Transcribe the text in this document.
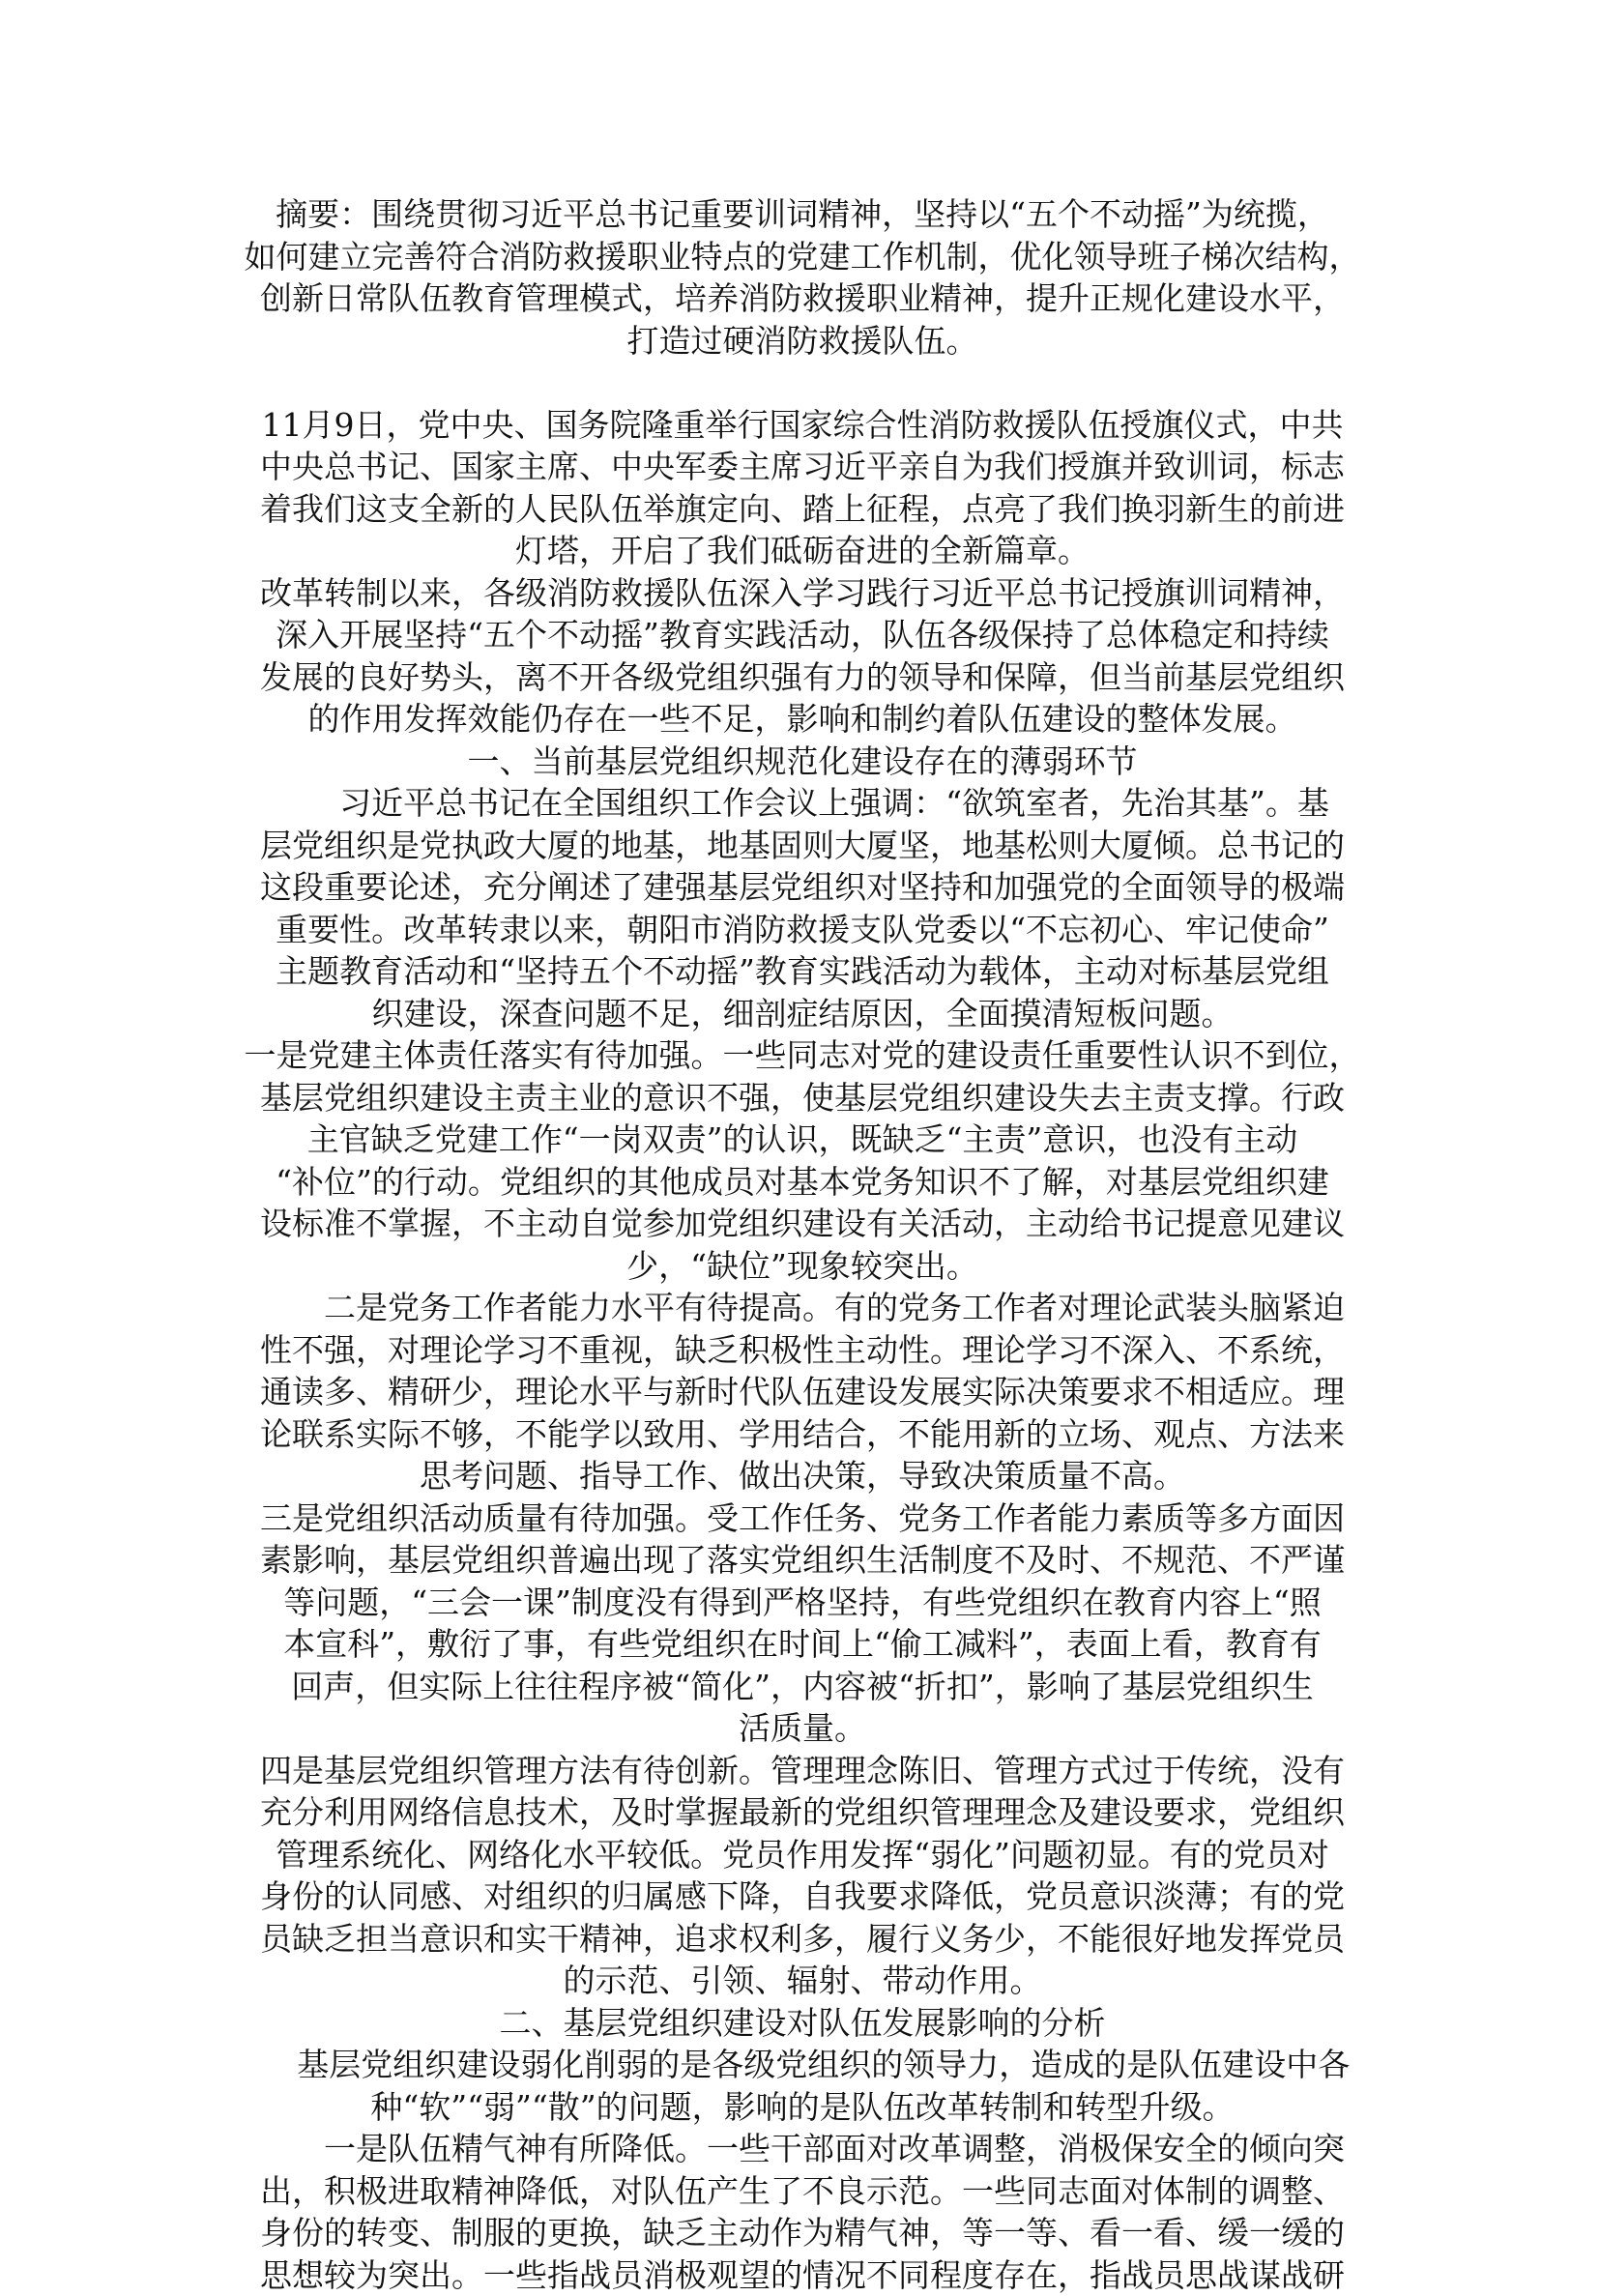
摘要：围绕贯彻习近平总书记重要训词精神，坚持以“五个不动摇”为统揽，
如何建立完善符合消防救援职业特点的党建工作机制，优化领导班子梯次结构，
创新日常队伍教育管理模式，培养消防救援职业精神，提升正规化建设水平，
打造过硬消防救援队伍。
11月9日，党中央、国务院隆重举行国家综合性消防救援队伍授旗仪式，中共
中央总书记、国家主席、中央军委主席习近平亲自为我们授旗并致训词，标志
着我们这支全新的人民队伍举旗定向、踏上征程，点亮了我们换羽新生的前进
灯塔，开启了我们砥砺奋进的全新篇章。
改革转制以来，各级消防救援队伍深入学习践行习近平总书记授旗训词精神，
深入开展坚持“五个不动摇”教育实践活动，队伍各级保持了总体稳定和持续
发展的良好势头，离不开各级党组织强有力的领导和保障，但当前基层党组织
的作用发挥效能仍存在一些不足，影响和制约着队伍建设的整体发展。
一、当前基层党组织规范化建设存在的薄弱环节
　　习近平总书记在全国组织工作会议上强调：“欲筑室者，先治其基”。基
层党组织是党执政大厦的地基，地基固则大厦坚，地基松则大厦倾。总书记的
这段重要论述，充分阐述了建强基层党组织对坚持和加强党的全面领导的极端
重要性。改革转隶以来，朝阳市消防救援支队党委以“不忘初心、牢记使命”
主题教育活动和“坚持五个不动摇”教育实践活动为载体，主动对标基层党组
织建设，深查问题不足，细剖症结原因，全面摸清短板问题。
一是党建主体责任落实有待加强。一些同志对党的建设责任重要性认识不到位，
基层党组织建设主责主业的意识不强，使基层党组织建设失去主责支撑。行政
主官缺乏党建工作“一岗双责”的认识，既缺乏“主责”意识，也没有主动
“补位”的行动。党组织的其他成员对基本党务知识不了解，对基层党组织建
设标准不掌握，不主动自觉参加党组织建设有关活动，主动给书记提意见建议
少，“缺位”现象较突出。
　　二是党务工作者能力水平有待提高。有的党务工作者对理论武装头脑紧迫
性不强，对理论学习不重视，缺乏积极性主动性。理论学习不深入、不系统，
通读多、精研少，理论水平与新时代队伍建设发展实际决策要求不相适应。理
论联系实际不够，不能学以致用、学用结合，不能用新的立场、观点、方法来
思考问题、指导工作、做出决策，导致决策质量不高。
三是党组织活动质量有待加强。受工作任务、党务工作者能力素质等多方面因
素影响，基层党组织普遍出现了落实党组织生活制度不及时、不规范、不严谨
等问题，“三会一课”制度没有得到严格坚持，有些党组织在教育内容上“照
本宣科”，敷衍了事，有些党组织在时间上“偷工减料”，表面上看，教育有
回声，但实际上往往程序被“简化”，内容被“折扣”，影响了基层党组织生
活质量。
四是基层党组织管理方法有待创新。管理理念陈旧、管理方式过于传统，没有
充分利用网络信息技术，及时掌握最新的党组织管理理念及建设要求，党组织
管理系统化、网络化水平较低。党员作用发挥“弱化”问题初显。有的党员对
身份的认同感、对组织的归属感下降，自我要求降低，党员意识淡薄；有的党
员缺乏担当意识和实干精神，追求权利多，履行义务少，不能很好地发挥党员
的示范、引领、辐射、带动作用。
二、基层党组织建设对队伍发展影响的分析
　 基层党组织建设弱化削弱的是各级党组织的领导力，造成的是队伍建设中各
种“软”“弱”“散”的问题，影响的是队伍改革转制和转型升级。
　　一是队伍精气神有所降低。一些干部面对改革调整，消极保安全的倾向突
出，积极进取精神降低，对队伍产生了不良示范。一些同志面对体制的调整、
身份的转变、制服的更换，缺乏主动作为精气神，等一等、看一看、缓一缓的
思想较为突出。一些指战员消极观望的情况不同程度存在，指战员思战谋战研
